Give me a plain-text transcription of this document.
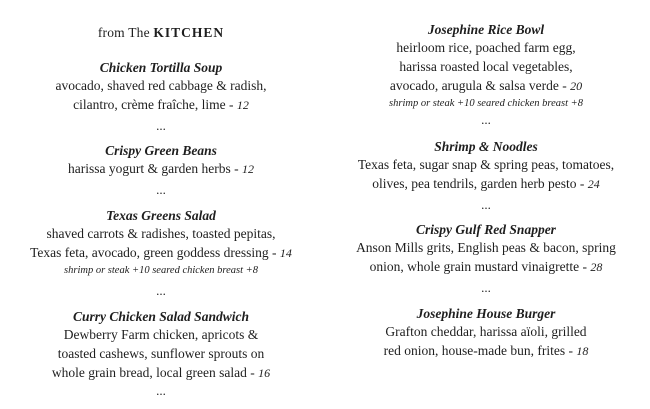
from The KITCHEN
Chicken Tortilla Soup
avocado, shaved red cabbage & radish,
cilantro, crème fraîche, lime - 12
...
Crispy Green Beans
harissa yogurt & garden herbs - 12
...
Texas Greens Salad
shaved carrots & radishes, toasted pepitas,
Texas feta, avocado, green goddess dressing - 14
shrimp or steak +10 seared chicken breast +8
...
Curry Chicken Salad Sandwich
Dewberry Farm chicken, apricots &
toasted cashews, sunflower sprouts on
whole grain bread, local green salad - 16
...
Josephine Rice Bowl
heirloom rice, poached farm egg,
harissa roasted local vegetables,
avocado, arugula & salsa verde - 20
shrimp or steak +10 seared chicken breast +8
...
Shrimp & Noodles
Texas feta, sugar snap & spring peas, tomatoes,
olives, pea tendrils, garden herb pesto - 24
...
Crispy Gulf Red Snapper
Anson Mills grits, English peas & bacon, spring
onion, whole grain mustard vinaigrette - 28
...
Josephine House Burger
Grafton cheddar, harissa aïoli, grilled
red onion, house-made bun, frites - 18
